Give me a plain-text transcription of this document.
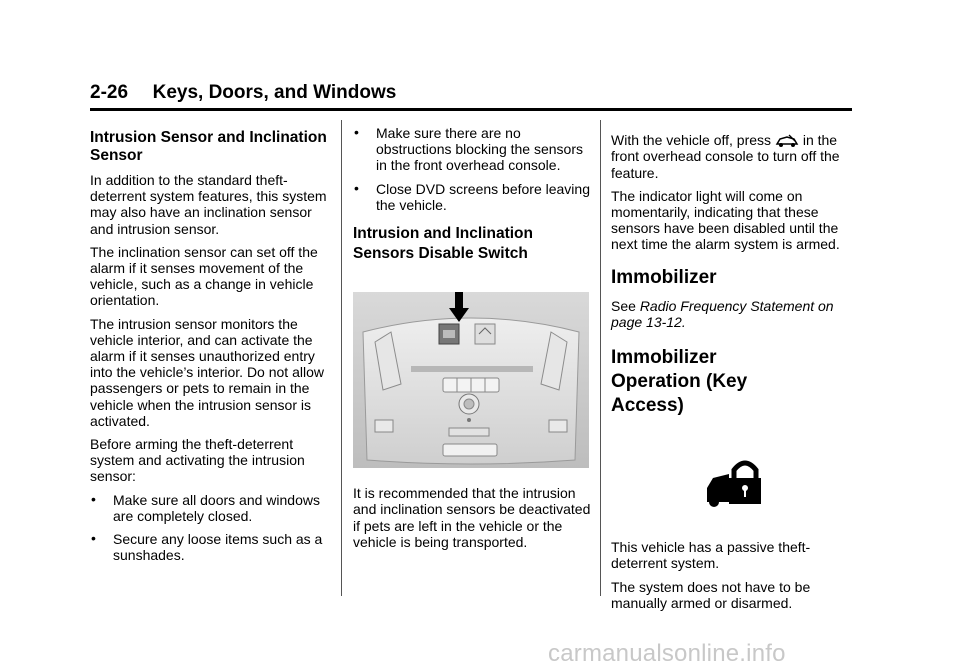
2-26 Keys, Doors, and Windows
Intrusion Sensor and Inclination Sensor

In addition to the standard theft-deterrent system features, this system may also have an inclination sensor and intrusion sensor.

The inclination sensor can set off the alarm if it senses movement of the vehicle, such as a change in vehicle orientation.

The intrusion sensor monitors the vehicle interior, and can activate the alarm if it senses unauthorized entry into the vehicle’s interior. Do not allow passengers or pets to remain in the vehicle when the intrusion sensor is activated.

Before arming the theft-deterrent system and activating the intrusion sensor:

• Make sure all doors and windows are completely closed.
• Secure any loose items such as a sunshades.
• Make sure there are no obstructions blocking the sensors in the front overhead console.
• Close DVD screens before leaving the vehicle.
Intrusion and Inclination Sensors Disable Switch

It is recommended that the intrusion and inclination sensors be deactivated if pets are left in the vehicle or the vehicle is being transported.

With the vehicle off, press in the front overhead console to turn off the feature.

The indicator light will come on momentarily, indicating that these sensors have been disabled until the next time the alarm system is armed.

Immobilizer

See Radio Frequency Statement on page 13-12.

Immobilizer Operation (Key Access)

This vehicle has a passive theft-deterrent system.

The system does not have to be manually armed or disarmed.

carmanualsonline.info
